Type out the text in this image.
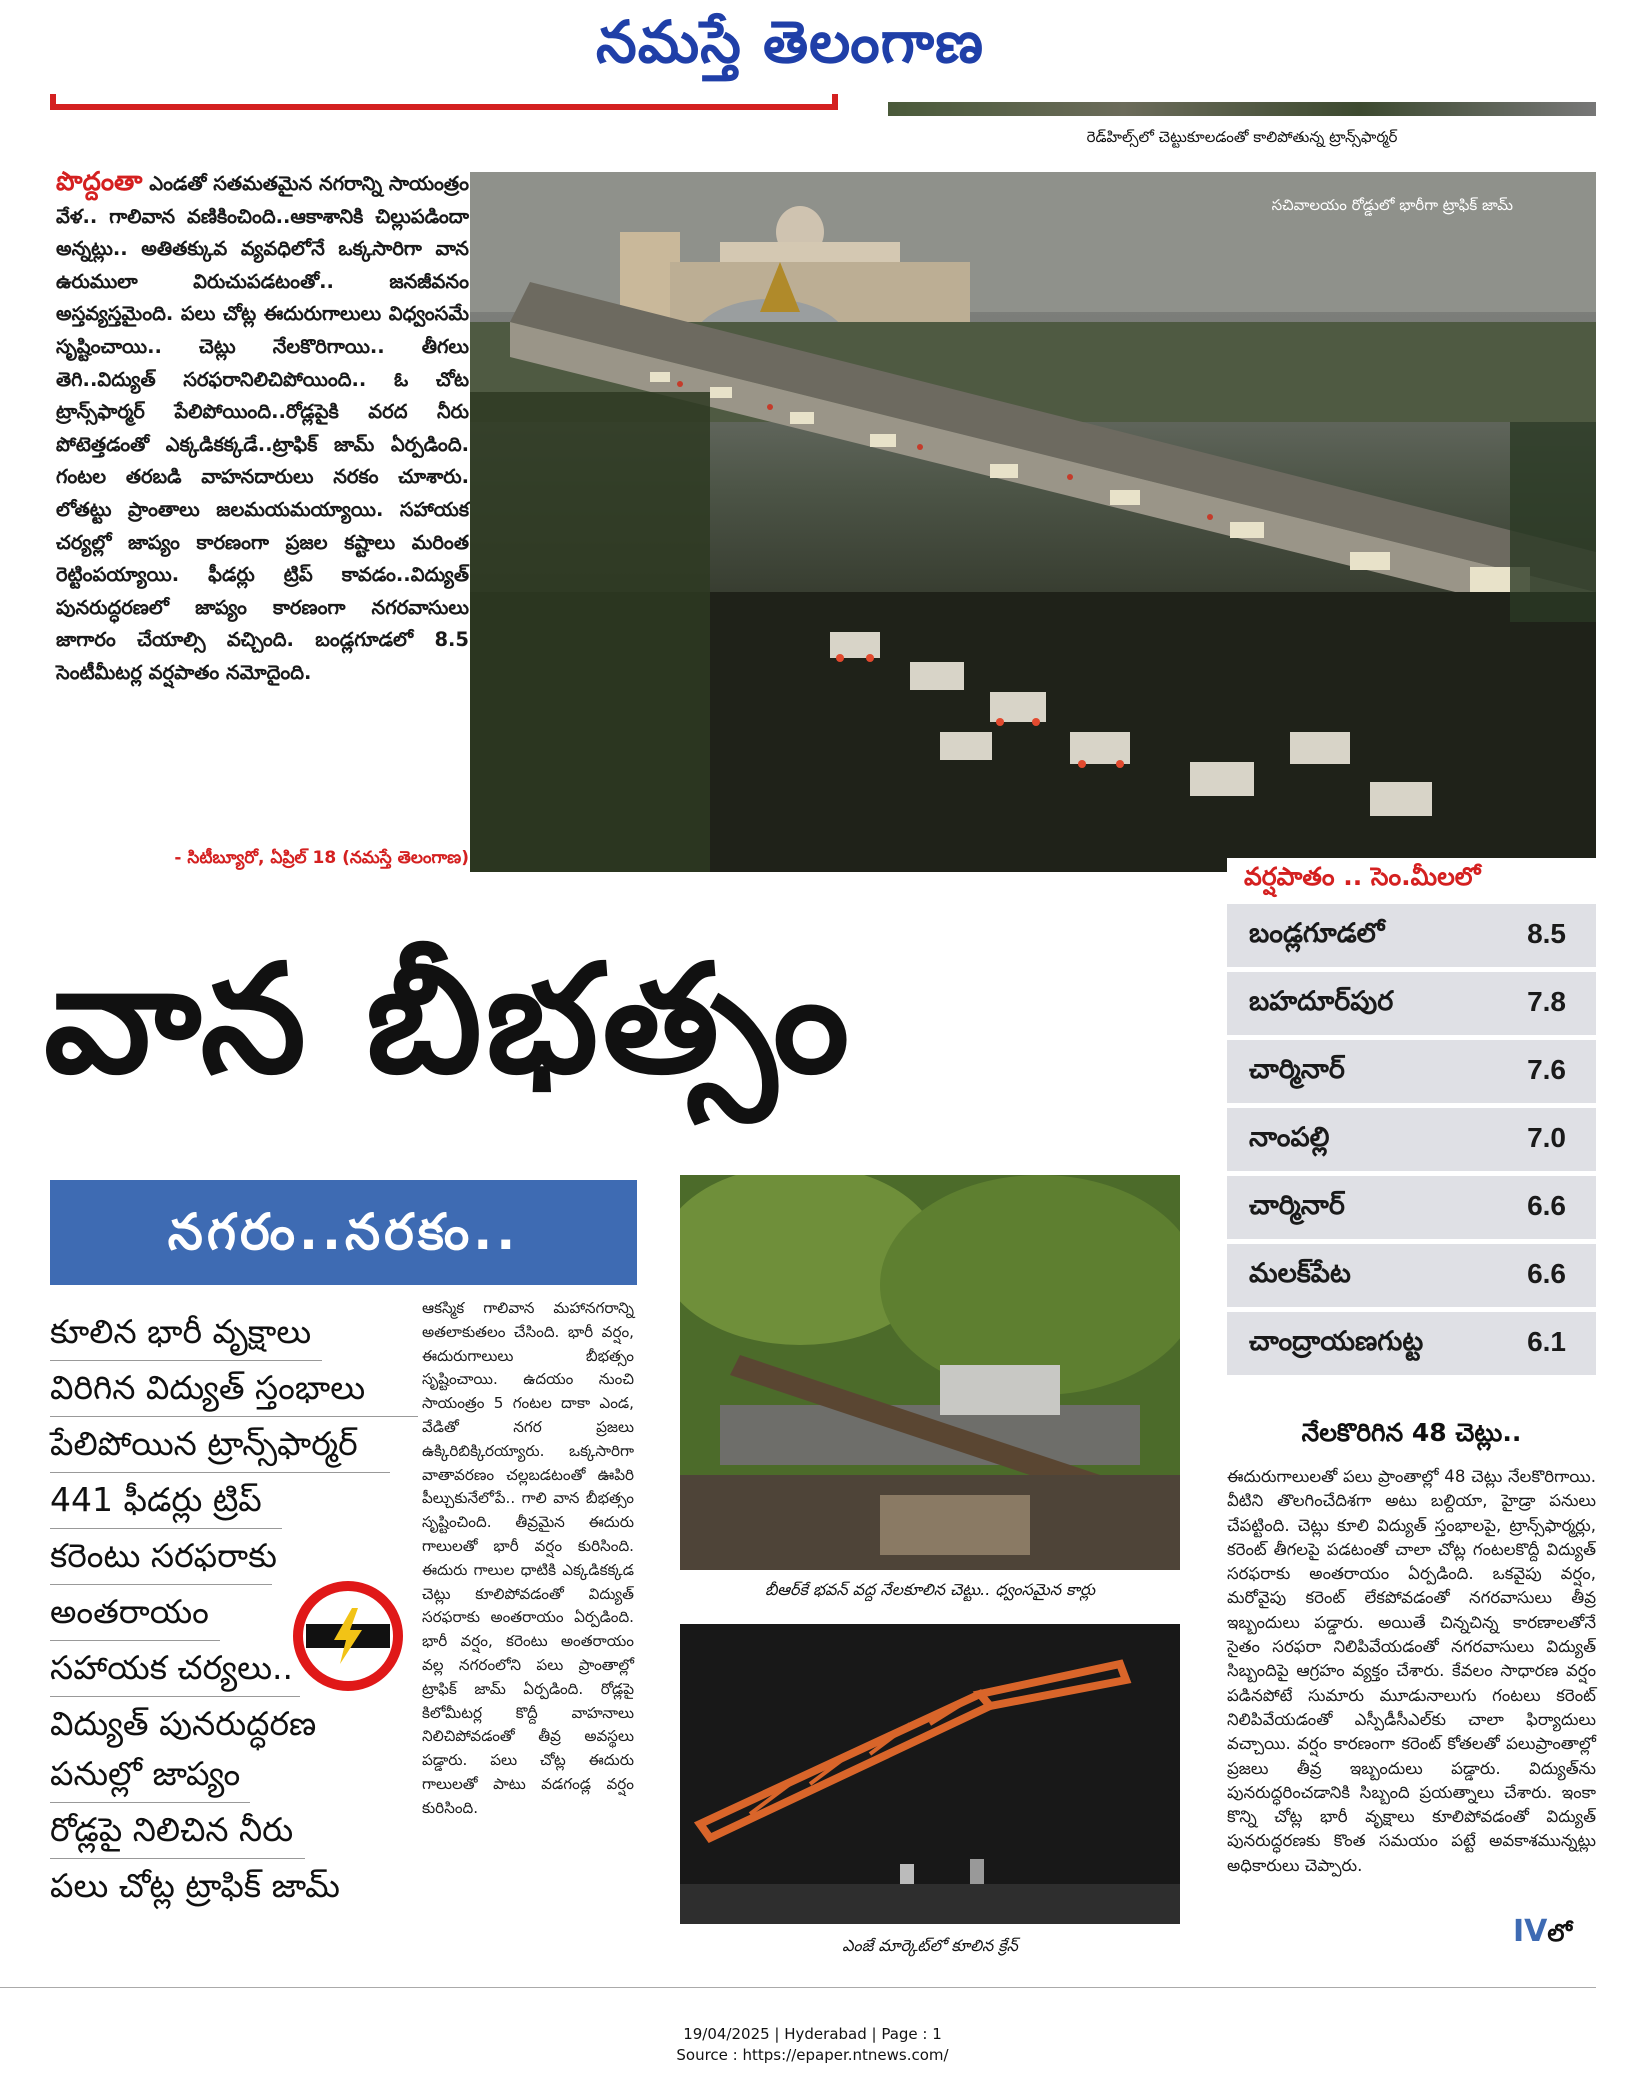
నమస్తే తెలంగాణ
రెడ్‌హిల్స్‌లో చెట్టుకూలడంతో కాలిపోతున్న ట్రాన్స్‌ఫార్మర్
పొద్దంతా ఎండతో సతమతమైన నగరాన్ని సాయంత్రం వేళ.. గాలివాన వణికించింది..ఆకాశానికి చిల్లుపడిందా అన్నట్లు.. అతితక్కువ వ్యవధిలోనే ఒక్కసారిగా వాన ఉరుములా విరుచుపడటంతో.. జనజీవనం అస్తవ్యస్తమైంది. పలు చోట్ల ఈదురుగాలులు విధ్వంసమే సృష్టించాయి.. చెట్లు నేలకొరిగాయి.. తీగలు తెగి..విద్యుత్ సరఫరానిలిచిపోయింది.. ఓ చోట ట్రాన్స్‌ఫార్మర్ పేలిపోయింది..రోడ్లపైకి వరద నీరు పోటెత్తడంతో ఎక్కడికక్కడే..ట్రాఫిక్ జామ్ ఏర్పడింది. గంటల తరబడి వాహనదారులు నరకం చూశారు. లోతట్టు ప్రాంతాలు జలమయమయ్యాయి. సహాయక చర్యల్లో జాప్యం కారణంగా ప్రజల కష్టాలు మరింత రెట్టింపయ్యాయి. ఫీడర్లు ట్రిప్ కావడం..విద్యుత్ పునరుద్ధరణలో జాప్యం కారణంగా నగరవాసులు జాగారం చేయాల్సి వచ్చింది. బండ్లగూడలో 8.5 సెంటీమీటర్ల వర్షపాతం నమోదైంది.
- సిటీబ్యూరో, ఏప్రిల్ 18 (నమస్తే తెలంగాణ)
సచివాలయం రోడ్డులో భారీగా ట్రాఫిక్ జామ్
వర్షపాతం .. సెం.మీలలో
బండ్లగూడలో	8.5
బహదూర్‌పుర	7.8
చార్మినార్	7.6
నాంపల్లి	7.0
చార్మినార్	6.6
మలక్‌పేట	6.6
చాంద్రాయణగుట్ట	6.1
వాన బీభత్సం
నగరం..నరకం..
కూలిన భారీ వృక్షాలు
విరిగిన విద్యుత్ స్తంభాలు
పేలిపోయిన ట్రాన్స్‌ఫార్మర్
441 ఫీడర్లు ట్రిప్
కరెంటు సరఫరాకు
అంతరాయం
సహాయక చర్యలు..
విద్యుత్ పునరుద్ధరణ
పనుల్లో జాప్యం
రోడ్లపై నిలిచిన నీరు
పలు చోట్ల ట్రాఫిక్ జామ్
ఆకస్మిక గాలివాన మహానగరాన్ని అతలాకుతలం చేసింది. భారీ వర్షం, ఈదురుగాలులు బీభత్సం సృష్టించాయి. ఉదయం నుంచి సాయంత్రం 5 గంటల దాకా ఎండ, వేడితో నగర ప్రజలు ఉక్కిరిబిక్కిరయ్యారు. ఒక్కసారిగా వాతావరణం చల్లబడటంతో ఊపిరి పీల్చుకునేలోపే.. గాలి వాన బీభత్సం సృష్టించింది. తీవ్రమైన ఈదురు గాలులతో భారీ వర్షం కురిసింది. ఈదురు గాలుల ధాటికి ఎక్కడికక్కడ చెట్లు కూలిపోవడంతో విద్యుత్ సరఫరాకు అంతరాయం ఏర్పడింది. భారీ వర్షం, కరెంటు అంతరాయం వల్ల నగరంలోని పలు ప్రాంతాల్లో ట్రాఫిక్ జామ్ ఏర్పడింది. రోడ్లపై కిలోమీటర్ల కొద్దీ వాహనాలు నిలిచిపోవడంతో తీవ్ర అవస్థలు పడ్డారు. పలు చోట్ల ఈదురు గాలులతో పాటు వడగండ్ల వర్షం కురిసింది.
బీఆర్‌కే భవన్ వద్ద నేలకూలిన చెట్టు.. ధ్వంసమైన కార్లు
ఎంజే మార్కెట్‌లో కూలిన క్రేన్
నేలకొరిగిన 48 చెట్లు..
ఈదురుగాలులతో పలు ప్రాంతాల్లో 48 చెట్లు నేలకొరిగాయి. వీటిని తొలగించేదిశగా అటు బల్దియా, హైడ్రా పనులు చేపట్టింది. చెట్లు కూలి విద్యుత్ స్తంభాలపై, ట్రాన్స్‌ఫార్మర్లు, కరెంట్ తీగలపై పడటంతో చాలా చోట్ల గంటలకొద్దీ విద్యుత్ సరఫరాకు అంతరాయం ఏర్పడింది. ఒకవైపు వర్షం, మరోవైపు కరెంట్ లేకపోవడంతో నగరవాసులు తీవ్ర ఇబ్బందులు పడ్డారు. అయితే చిన్నచిన్న కారణాలతోనే సైతం సరఫరా నిలిపివేయడంతో నగరవాసులు విద్యుత్ సిబ్బందిపై ఆగ్రహం వ్యక్తం చేశారు. కేవలం సాధారణ వర్షం పడినపోటే సుమారు మూడునాలుగు గంటలు కరెంట్ నిలిపివేయడంతో ఎస్పీడీసీఎల్‌కు చాలా ఫిర్యాదులు వచ్చాయి. వర్షం కారణంగా కరెంట్ కోతలతో పలుప్రాంతాల్లో ప్రజలు తీవ్ర ఇబ్బందులు పడ్డారు. విద్యుత్‌ను పునరుద్ధరించడానికి సిబ్బంది ప్రయత్నాలు చేశారు. ఇంకా కొన్ని చోట్ల భారీ వృక్షాలు కూలిపోవడంతో విద్యుత్ పునరుద్ధరణకు కొంత సమయం పట్టే అవకాశమున్నట్లు అధికారులు చెప్పారు.
IVలో
19/04/2025 | Hyderabad | Page : 1
Source : https://epaper.ntnews.com/
